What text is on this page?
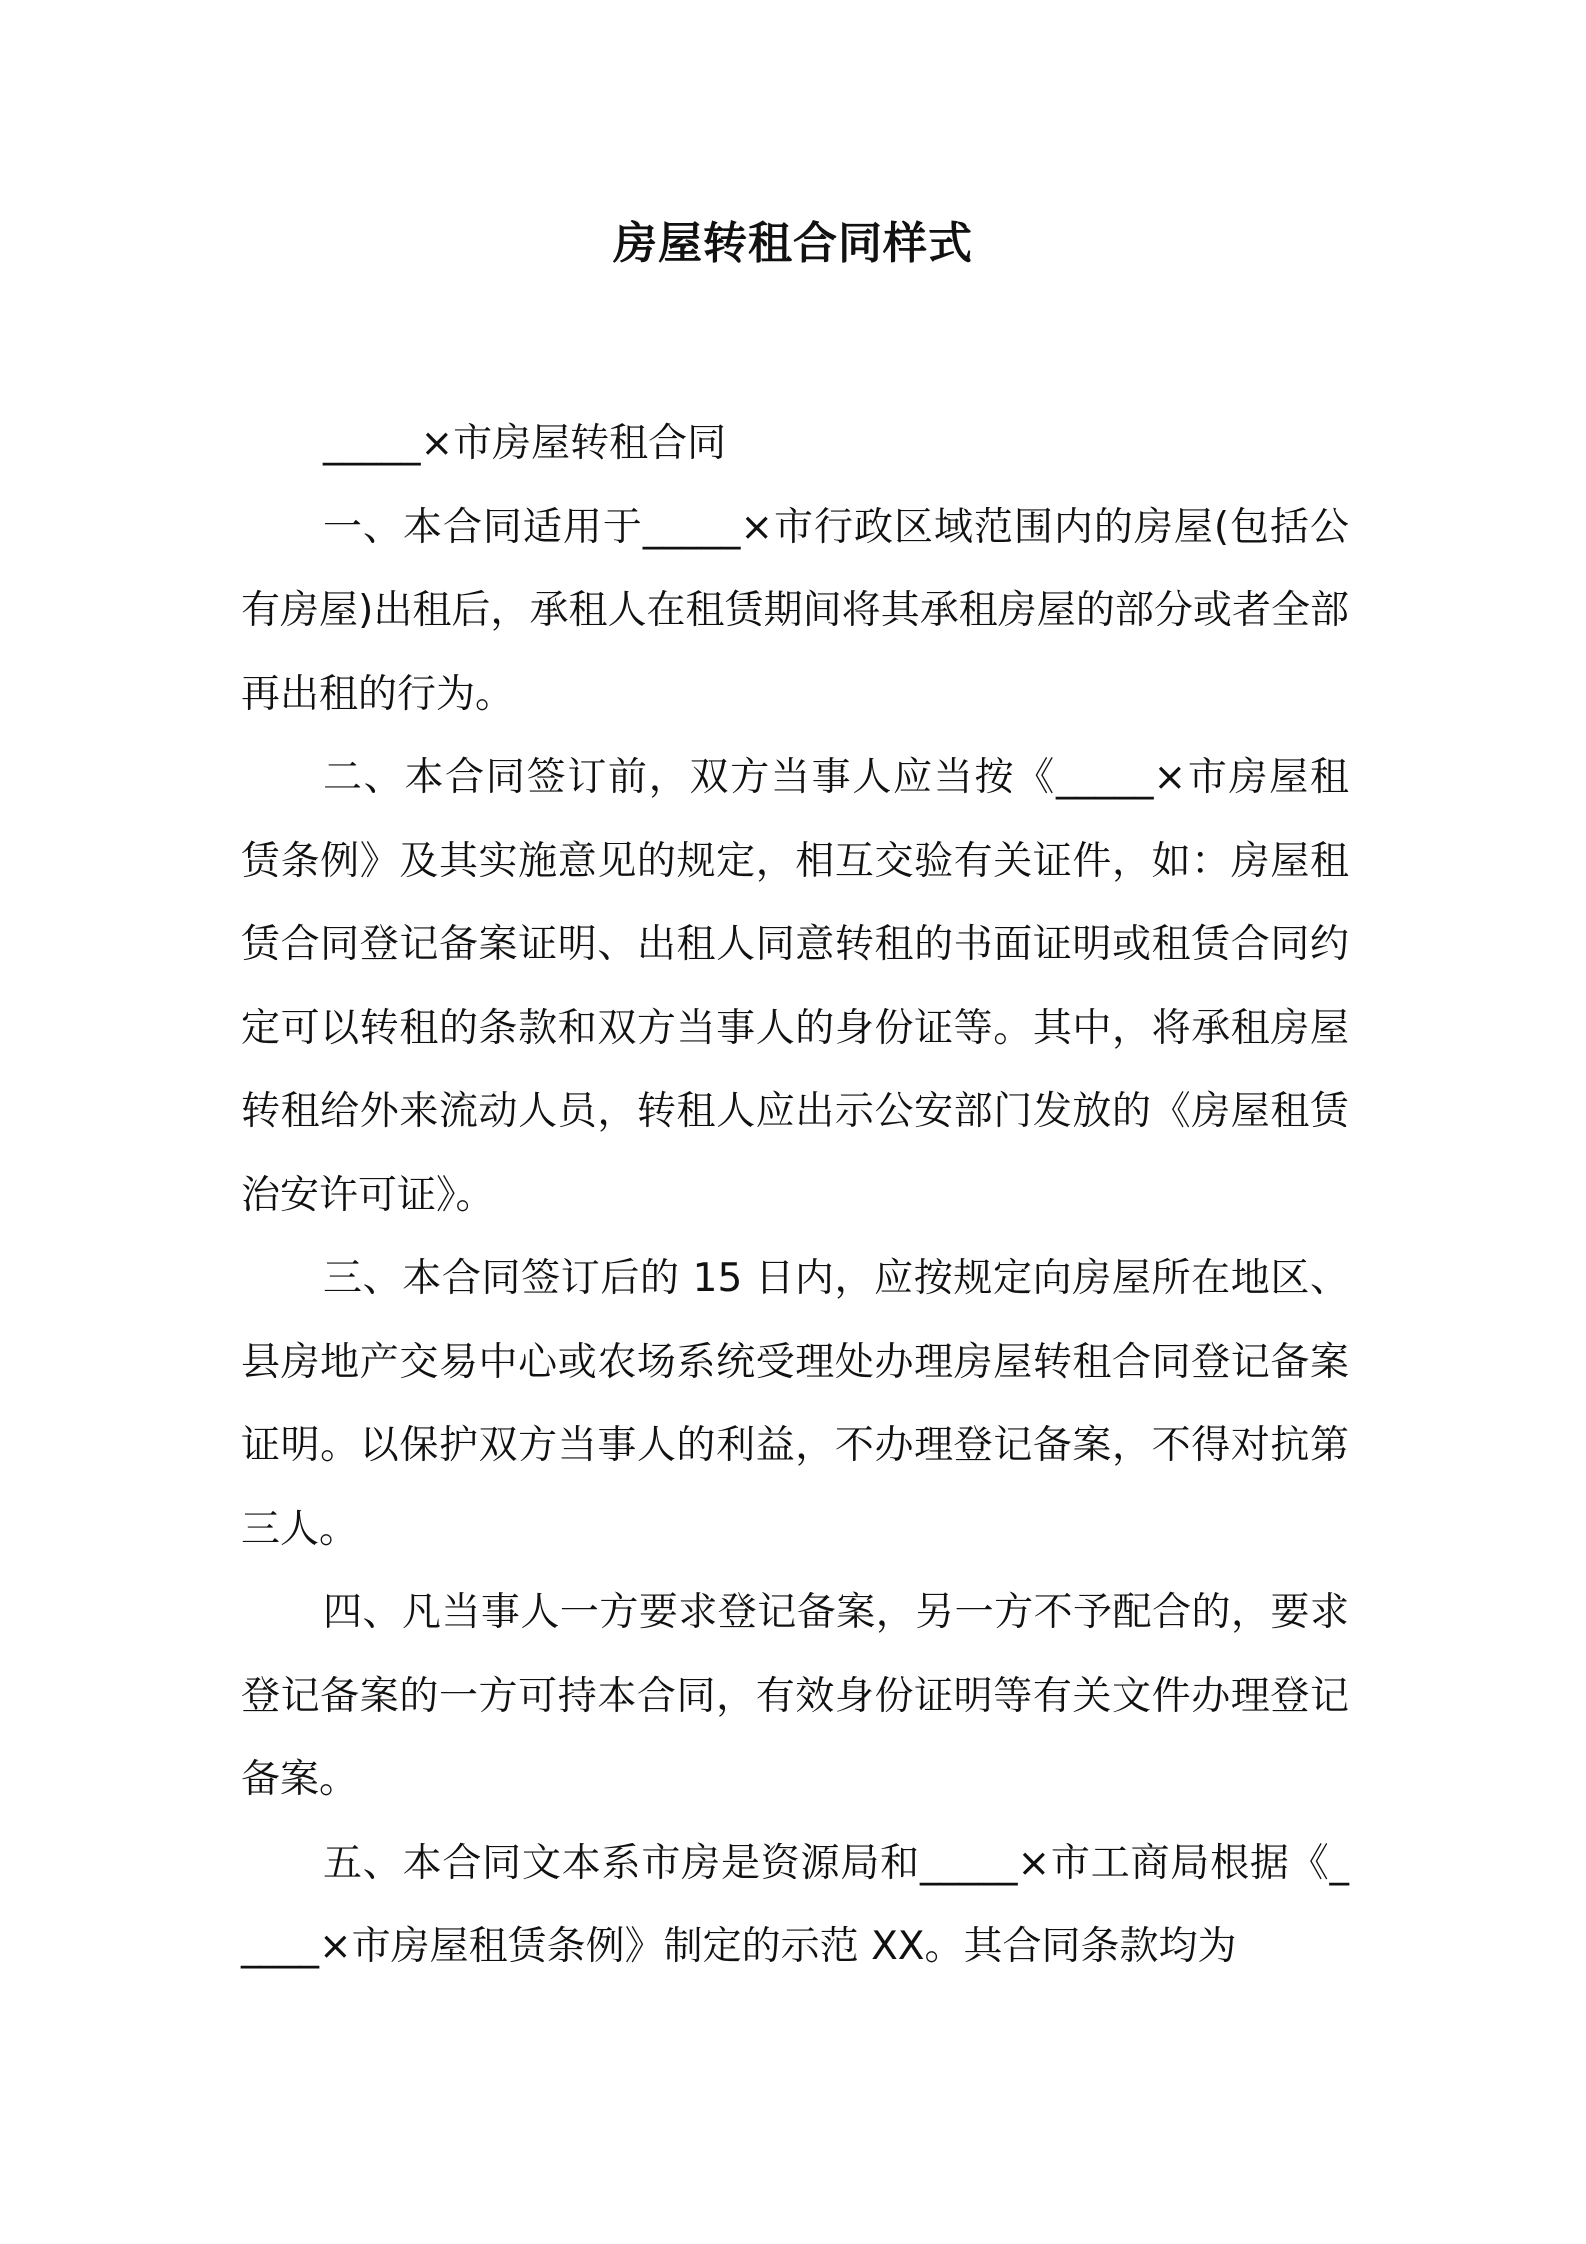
房屋转租合同样式

_____×市房屋转租合同

一、本合同适用于_____×市行政区域范围内的房屋(包括公有房屋)出租后，承租人在租赁期间将其承租房屋的部分或者全部再出租的行为。

二、本合同签订前，双方当事人应当按《_____×市房屋租赁条例》及其实施意见的规定，相互交验有关证件，如：房屋租赁合同登记备案证明、出租人同意转租的书面证明或租赁合同约定可以转租的条款和双方当事人的身份证等。其中，将承租房屋转租给外来流动人员，转租人应出示公安部门发放的《房屋租赁治安许可证》。

三、本合同签订后的 15 日内，应按规定向房屋所在地区、县房地产交易中心或农场系统受理处办理房屋转租合同登记备案证明。以保护双方当事人的利益，不办理登记备案，不得对抗第三人。

四、凡当事人一方要求登记备案，另一方不予配合的，要求登记备案的一方可持本合同，有效身份证明等有关文件办理登记备案。

五、本合同文本系市房是资源局和_____×市工商局根据《_____×市房屋租赁条例》制定的示范 XX。其合同条款均为
